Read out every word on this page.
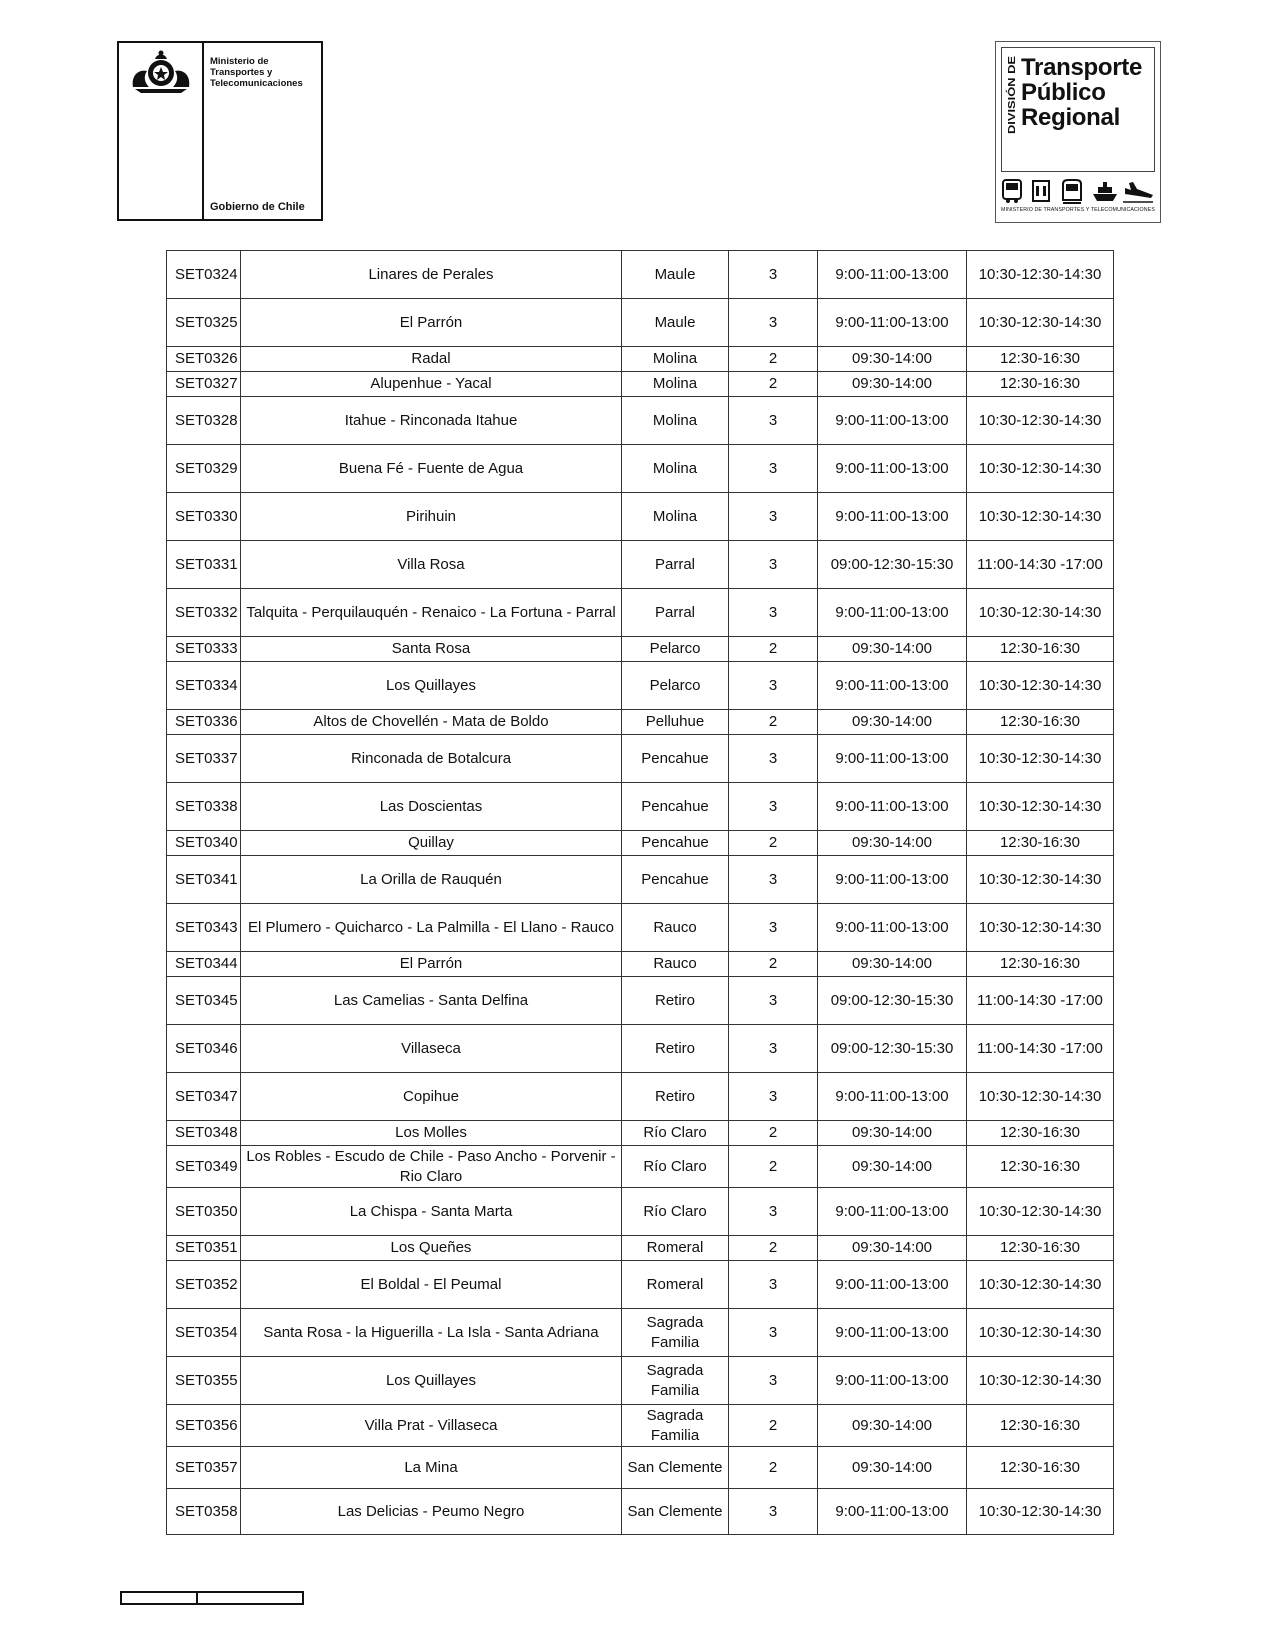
Ministerio de
Transportes y
Telecomunicaciones
Gobierno de Chile
DIVISIÓN DE
Transporte
Público
Regional
MINISTERIO DE TRANSPORTES Y TELECOMUNICACIONES
SET0324	Linares de Perales	Maule	3	9:00-11:00-13:00	10:30-12:30-14:30
SET0325	El Parrón	Maule	3	9:00-11:00-13:00	10:30-12:30-14:30
SET0326	Radal	Molina	2	09:30-14:00	12:30-16:30
SET0327	Alupenhue - Yacal	Molina	2	09:30-14:00	12:30-16:30
SET0328	Itahue - Rinconada Itahue	Molina	3	9:00-11:00-13:00	10:30-12:30-14:30
SET0329	Buena Fé - Fuente de Agua	Molina	3	9:00-11:00-13:00	10:30-12:30-14:30
SET0330	Pirihuin	Molina	3	9:00-11:00-13:00	10:30-12:30-14:30
SET0331	Villa Rosa	Parral	3	09:00-12:30-15:30	11:00-14:30 -17:00
SET0332	Talquita - Perquilauquén - Renaico - La Fortuna - Parral	Parral	3	9:00-11:00-13:00	10:30-12:30-14:30
SET0333	Santa Rosa	Pelarco	2	09:30-14:00	12:30-16:30
SET0334	Los Quillayes	Pelarco	3	9:00-11:00-13:00	10:30-12:30-14:30
SET0336	Altos de Chovellén - Mata de Boldo	Pelluhue	2	09:30-14:00	12:30-16:30
SET0337	Rinconada de Botalcura	Pencahue	3	9:00-11:00-13:00	10:30-12:30-14:30
SET0338	Las Doscientas	Pencahue	3	9:00-11:00-13:00	10:30-12:30-14:30
SET0340	Quillay	Pencahue	2	09:30-14:00	12:30-16:30
SET0341	La Orilla de Rauquén	Pencahue	3	9:00-11:00-13:00	10:30-12:30-14:30
SET0343	El Plumero - Quicharco - La Palmilla - El Llano - Rauco	Rauco	3	9:00-11:00-13:00	10:30-12:30-14:30
SET0344	El Parrón	Rauco	2	09:30-14:00	12:30-16:30
SET0345	Las Camelias - Santa Delfina	Retiro	3	09:00-12:30-15:30	11:00-14:30 -17:00
SET0346	Villaseca	Retiro	3	09:00-12:30-15:30	11:00-14:30 -17:00
SET0347	Copihue	Retiro	3	9:00-11:00-13:00	10:30-12:30-14:30
SET0348	Los Molles	Río Claro	2	09:30-14:00	12:30-16:30
SET0349	Los Robles - Escudo de Chile - Paso Ancho - Porvenir - Rio Claro	Río Claro	2	09:30-14:00	12:30-16:30
SET0350	La Chispa - Santa Marta	Río Claro	3	9:00-11:00-13:00	10:30-12:30-14:30
SET0351	Los Queñes	Romeral	2	09:30-14:00	12:30-16:30
SET0352	El Boldal - El Peumal	Romeral	3	9:00-11:00-13:00	10:30-12:30-14:30
SET0354	Santa Rosa - la Higuerilla - La Isla - Santa Adriana	Sagrada Familia	3	9:00-11:00-13:00	10:30-12:30-14:30
SET0355	Los Quillayes	Sagrada Familia	3	9:00-11:00-13:00	10:30-12:30-14:30
SET0356	Villa Prat - Villaseca	Sagrada Familia	2	09:30-14:00	12:30-16:30
SET0357	La Mina	San Clemente	2	09:30-14:00	12:30-16:30
SET0358	Las Delicias - Peumo Negro	San Clemente	3	9:00-11:00-13:00	10:30-12:30-14:30
